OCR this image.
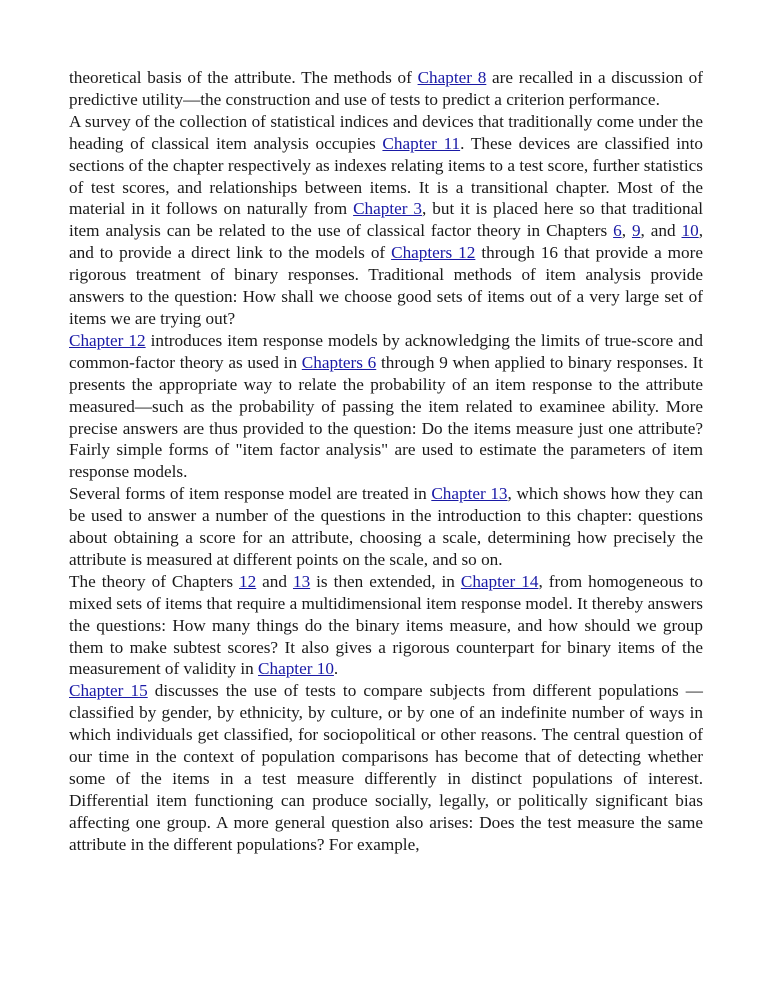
theoretical basis of the attribute. The methods of Chapter 8 are recalled in a discussion of predictive utility—the construction and use of tests to predict a criterion performance.

A survey of the collection of statistical indices and devices that traditionally come under the heading of classical item analysis occupies Chapter 11. These devices are classified into sections of the chapter respectively as indexes relating items to a test score, further statistics of test scores, and relationships between items. It is a transitional chapter. Most of the material in it follows on naturally from Chapter 3, but it is placed here so that traditional item analysis can be related to the use of classical factor theory in Chapters 6, 9, and 10, and to provide a direct link to the models of Chapters 12 through 16 that provide a more rigorous treatment of binary responses. Traditional methods of item analysis provide answers to the question: How shall we choose good sets of items out of a very large set of items we are trying out?

Chapter 12 introduces item response models by acknowledging the limits of true-score and common-factor theory as used in Chapters 6 through 9 when applied to binary responses. It presents the appropriate way to relate the probability of an item response to the attribute measured—such as the probability of passing the item related to examinee ability. More precise answers are thus provided to the question: Do the items measure just one attribute? Fairly simple forms of "item factor analysis" are used to estimate the parameters of item response models.

Several forms of item response model are treated in Chapter 13, which shows how they can be used to answer a number of the questions in the introduction to this chapter: questions about obtaining a score for an attribute, choosing a scale, determining how precisely the attribute is measured at different points on the scale, and so on.

The theory of Chapters 12 and 13 is then extended, in Chapter 14, from homogeneous to mixed sets of items that require a multidimensional item response model. It thereby answers the questions: How many things do the binary items measure, and how should we group them to make subtest scores? It also gives a rigorous counterpart for binary items of the measurement of validity in Chapter 10.

Chapter 15 discusses the use of tests to compare subjects from different populations —classified by gender, by ethnicity, by culture, or by one of an indefinite number of ways in which individuals get classified, for sociopolitical or other reasons. The central question of our time in the context of population comparisons has become that of detecting whether some of the items in a test measure differently in distinct populations of interest. Differential item functioning can produce socially, legally, or politically significant bias affecting one group. A more general question also arises: Does the test measure the same attribute in the different populations? For example,
